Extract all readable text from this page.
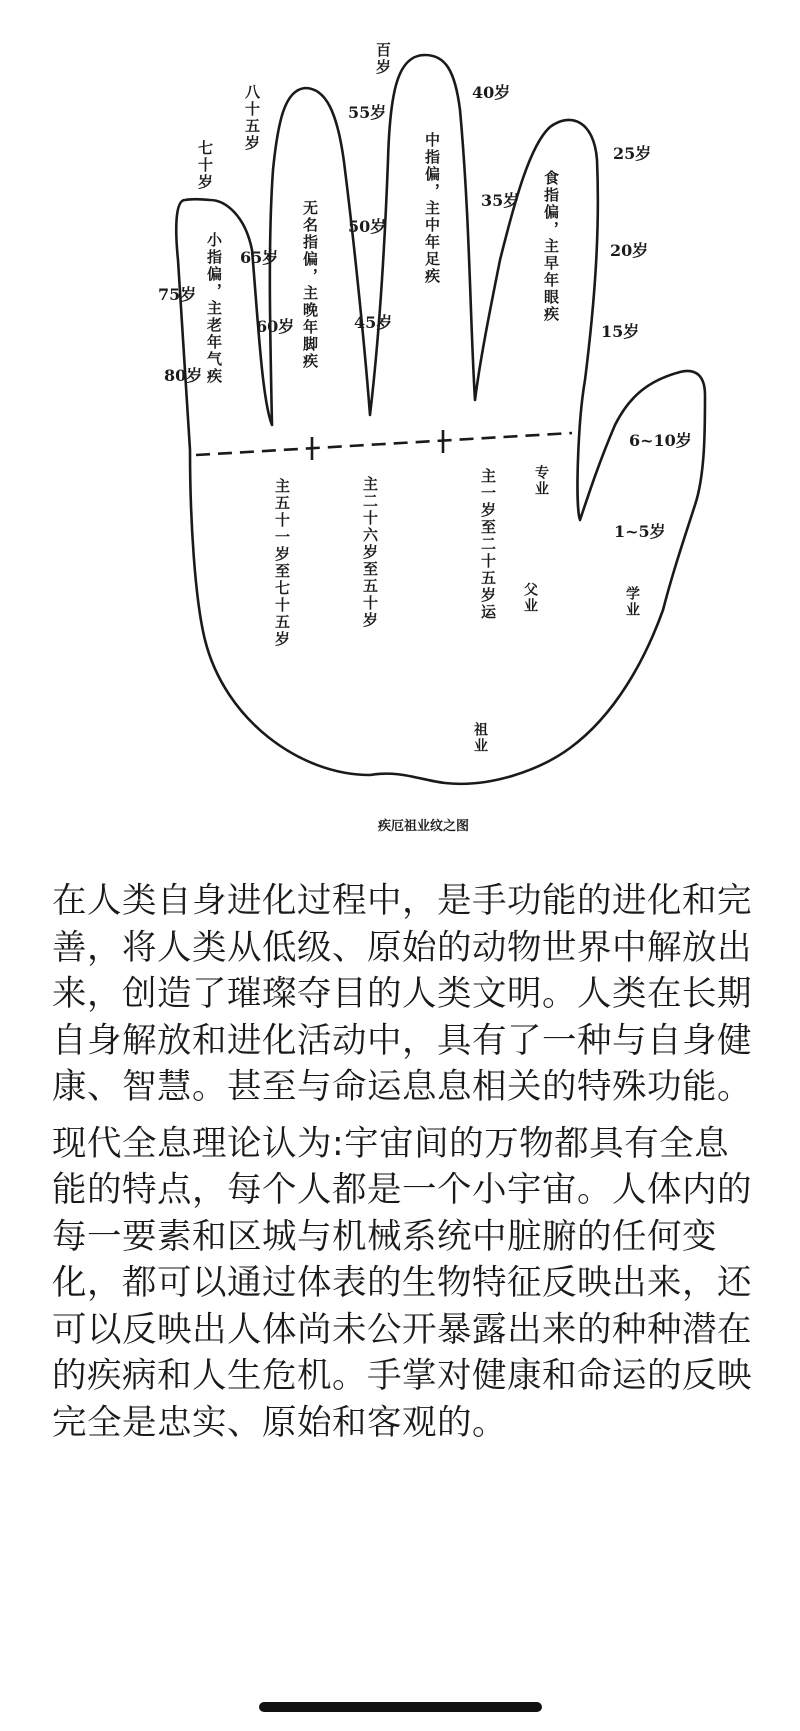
百岁
55岁
40岁
八十五岁
七十岁	25岁
35岁
65岁
50岁
20岁
75岁
60岁	45岁	15岁
80岁
6~10岁
1~5岁
小指偏，主老年气疾	无名指偏，主晚年脚疾	中指偏，主中年足疾	食指偏，主早年眼疾
主五十一岁至七十五岁	主二十六岁至五十岁	主一岁至二十五岁运	专业
父业	学业
祖业
疾厄祖业纹之图

在人类自身进化过程中，是手功能的进化和完善，将人类从低级、原始的动物世界中解放出来，创造了璀璨夺目的人类文明。人类在长期自身解放和进化活动中，具有了一种与自身健康、智慧。甚至与命运息息相关的特殊功能。

现代全息理论认为:宇宙间的万物都具有全息能的特点，每个人都是一个小宇宙。人体内的每一要素和区城与机械系统中脏腑的任何变化，都可以通过体表的生物特征反映出来，还可以反映出人体尚未公开暴露出来的种种潜在的疾病和人生危机。手掌对健康和命运的反映完全是忠实、原始和客观的。
